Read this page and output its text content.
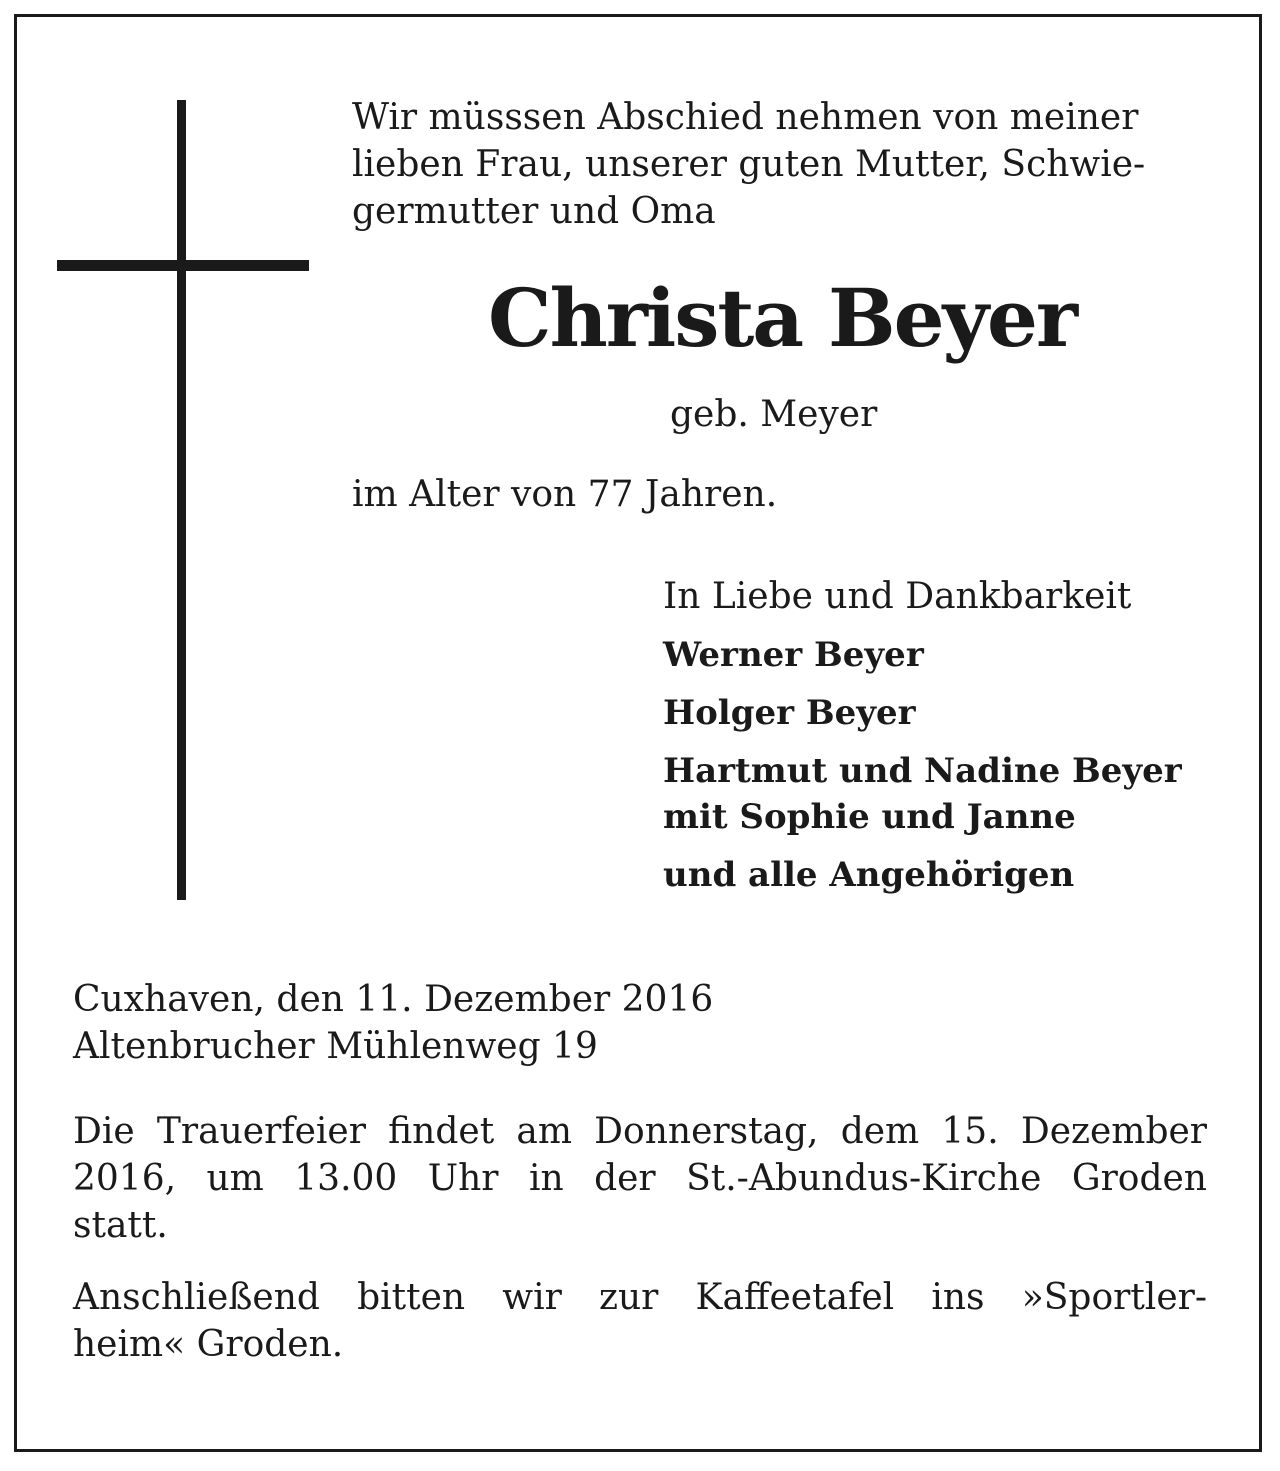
Wir müsssen Abschied nehmen von meiner
lieben Frau, unserer guten Mutter, Schwie-
germutter und Oma

Christa Beyer

geb. Meyer

im Alter von 77 Jahren.

In Liebe und Dankbarkeit

Werner Beyer

Holger Beyer

Hartmut und Nadine Beyer
mit Sophie und Janne

und alle Angehörigen

Cuxhaven, den 11. Dezember 2016
Altenbrucher Mühlenweg 19

Die Trauerfeier findet am Donnerstag, dem 15. Dezember
2016, um 13.00 Uhr in der St.-Abundus-Kirche Groden
statt.

Anschließend bitten wir zur Kaffeetafel ins »Sportler-
heim« Groden.
